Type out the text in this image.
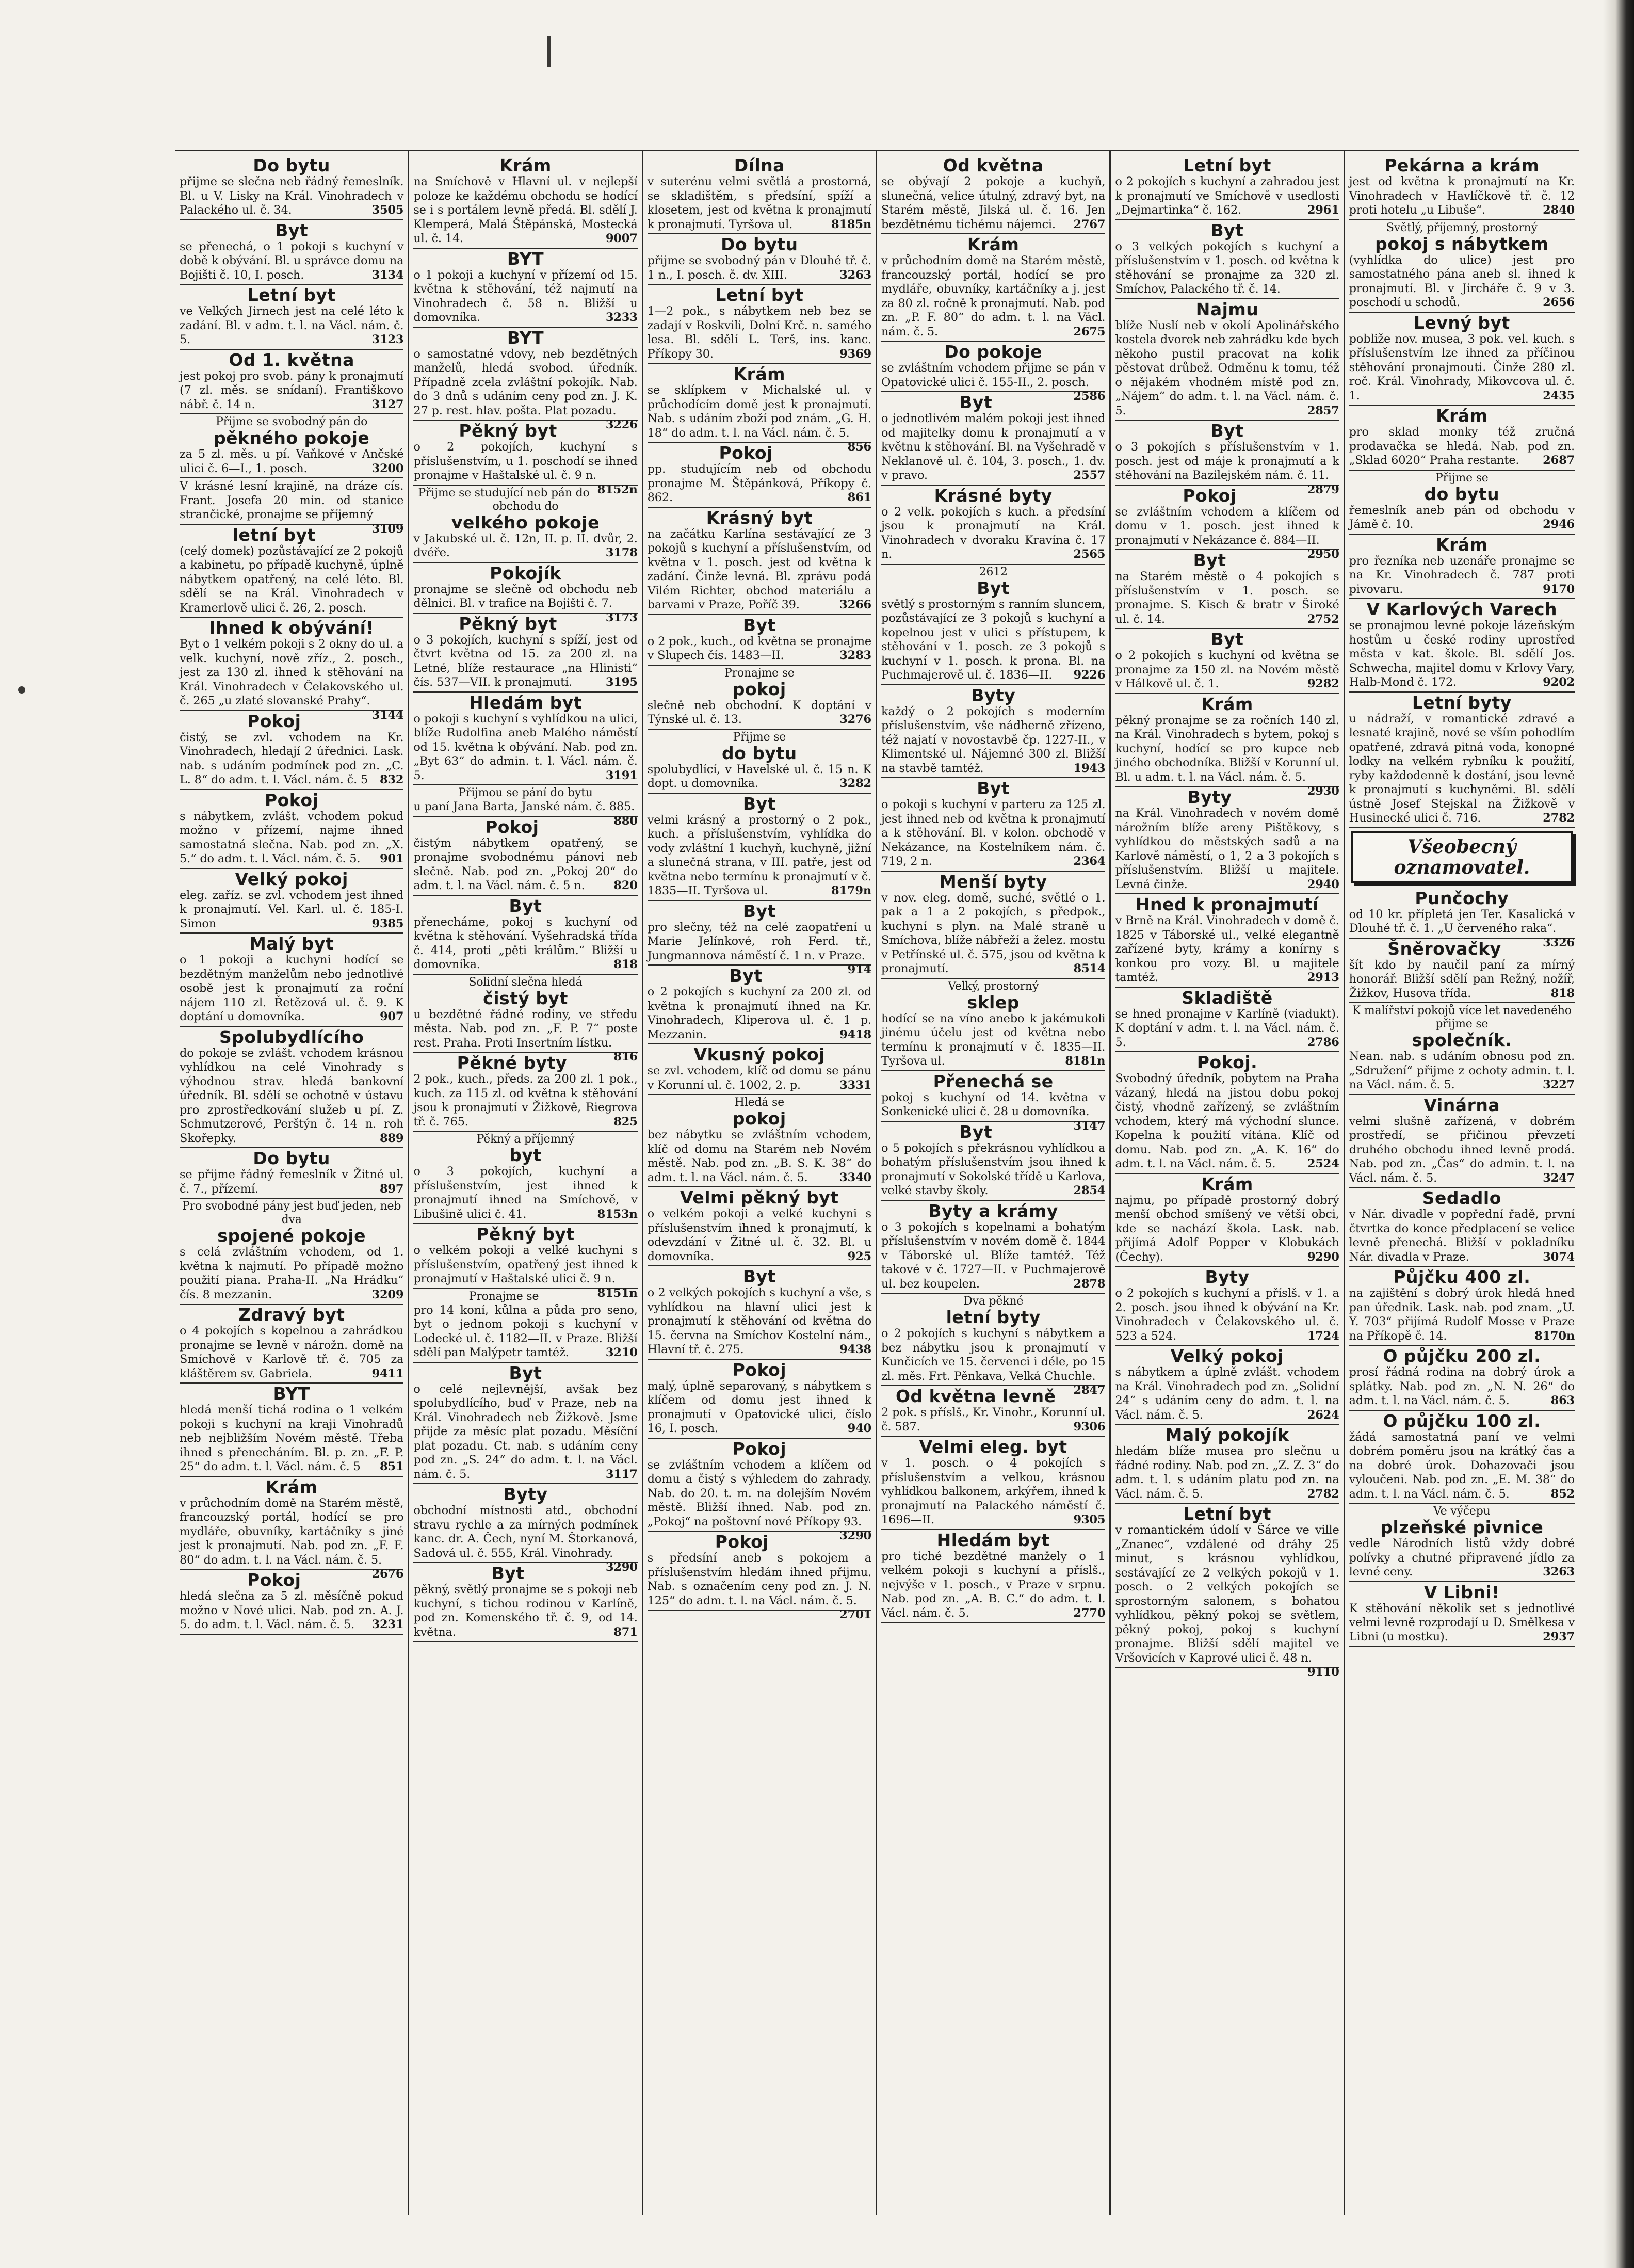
Do bytu

přijme se slečna neb řádný řemeslník. Bl. u V. Lisky na Král. Vinohradech v Palackého ul. č. 34.	3505

Byt

se přenechá, o 1 pokoji s kuchyní v době k obývání. Bl. u správce domu na Bojišti č. 10, I. posch.	3134

Letní byt

ve Velkých Jirnech jest na celé léto k zadání. Bl. v adm. t. l. na Václ. nám. č. 5.	3123

Od 1. května

jest pokoj pro svob. pány k pronajmutí (7 zl. měs. se snídaní). Františkovo nábř. č. 14 n.	3127

Přijme se svobodný pán do
pěkného pokoje

za 5 zl. měs. u pí. Vaňkové v Ančské ulici č. 6—I., 1. posch.	3200

V krásné lesní krajině, na dráze cís. Frant. Josefa 20 min. od stanice strančické, pronajme se příjemný
3109

letní byt

(celý domek) pozůstávající ze 2 pokojů a kabinetu, po případě kuchyně, úplně nábytkem opatřený, na celé léto. Bl. sdělí se na Král. Vinohradech v Kramerlově ulici č. 26, 2. posch.

Ihned k obývání!

Byt o 1 velkém pokoji s 2 okny do ul. a velk. kuchyní, nově zříz., 2. posch., jest za 130 zl. ihned k stěhování na Král. Vinohradech v Čelakovského ul. č. 265 „u zlaté slovanské Prahy“.
3144

Pokoj

čistý, se zvl. vchodem na Kr. Vinohradech, hledají 2 úřednici. Lask. nab. s udáním podmínek pod zn. „C. L. 8“ do adm. t. l. Václ. nám. č. 5 832

Pokoj

s nábytkem, zvlášt. vchodem pokud možno v přízemí, najme ihned samostatná slečna. Nab. pod zn. „X. 5.“ do adm. t. l. Václ. nám. č. 5. 901

Velký pokoj

eleg. zaříz. se zvl. vchodem jest ihned k pronajmutí. Vel. Karl. ul. č. 185-I. Simon	9385

Malý byt

o 1 pokoji a kuchyni hodící se bezdětným manželům nebo jednotlivé osobě jest k pronajmutí za roční nájem 110 zl. Řetězová ul. č. 9. K doptání u domovníka.	907

Spolubydlícího

do pokoje se zvlášt. vchodem krásnou vyhlídkou na celé Vinohrady s výhodnou strav. hledá bankovní úředník. Bl. sdělí se ochotně v ústavu pro zprostředkování služeb u pí. Z. Schmutzerové, Perštýn č. 14 n. roh Skořepky.	889

Do bytu

se přijme řádný řemeslník v Žitné ul. č. 7., přízemí.	897

Pro svobodné pány jest buď jeden, neb dva
spojené pokoje

s celá zvláštním vchodem, od 1. května k najmutí. Po případě možno použití piana. Praha-II. „Na Hrádku“ čís. 8 mezzanin.	3209

Zdravý byt

o 4 pokojích s kopelnou a zahrádkou pronajme se levně v nárožn. domě na Smíchově v Karlově tř. č. 705 za kláštěrem sv. Gabriela.	9411

BYT

hledá menší tichá rodina o 1 velkém pokoji s kuchyní na kraji Vinohradů neb nejbližším Novém městě. Třeba ihned s přenecháním. Bl. p. zn. „F. P. 25“ do adm. t. l. Václ. nám. č. 5 851

Krám

v průchodním domě na Starém městě, francouzský portál, hodící se pro mydláře, obuvníky, kartáčníky s jiné jest k pronajmutí. Nab. pod zn. „F. F. 80“ do adm. t. l. na Václ. nám. č. 5.
2676

Pokoj

hledá slečna za 5 zl. měsíčně pokud možno v Nové ulici. Nab. pod zn. A. J. 5. do adm. t. l. Václ. nám. č. 5. 3231

Krám

na Smíchově v Hlavní ul. v nejlepší poloze ke každému obchodu se hodící se i s portálem levně předá. Bl. sdělí J. Klemperá, Malá Štěpánská, Mostecká ul. č. 14.	9007

BYT

o 1 pokoji a kuchyní v přízemí od 15. května k stěhování, též najmutí na Vinohradech č. 58 n. Bližší u domovníka.	3233

BYT

o samostatné vdovy, neb bezdětných manželů, hledá svobod. úředník. Případně zcela zvláštní pokojík. Nab. do 3 dnů s udáním ceny pod zn. J. K. 27 p. rest. hlav. pošta. Plat pozadu.
3226

Pěkný byt

o 2 pokojích, kuchyní s příslušenstvím, u 1. poschodí se ihned pronajme v Haštalské ul. č. 9 n.
8152n

Přijme se studující neb pán do obchodu do
velkého pokoje

v Jakubské ul. č. 12n, II. p. II. dvůr, 2. dvéře.	3178

Pokojík

pronajme se slečně od obchodu neb dělnici. Bl. v trafice na Bojišti č. 7.
3173

Pěkný byt

o 3 pokojích, kuchyní s spíží, jest od čtvrt května od 15. za 200 zl. na Letné, blíže restaurace „na Hlinisti“ čís. 537—VII. k pronajmutí.	3195

Hledám byt

o pokoji s kuchyní s vyhlídkou na ulici, blíže Rudolfina aneb Malého náměstí od 15. května k obývání. Nab. pod zn. „Byt 63“ do admin. t. l. Václ. nám. č. 5.	3191

Přijmou se pání do bytu

u paní Jana Barta, Janské nám. č. 885.
880

Pokoj

čistým nábytkem opatřený, se pronajme svobodnému pánovi neb slečně. Nab. pod zn. „Pokoj 20“ do adm. t. l. na Václ. nám. č. 5 n. 820

Byt

přenecháme, pokoj s kuchyní od května k stěhování. Vyšehradská třída č. 414, proti „pěti králům.“ Bližší u domovníka.	818

Solidní slečna hledá
čistý byt

u bezdětné řádné rodiny, ve středu města. Nab. pod zn. „F. P. 7“ poste rest. Praha. Proti Insertním lístku.
816

Pěkné byty

2 pok., kuch., předs. za 200 zl. 1 pok., kuch. za 115 zl. od května k stěhování jsou k pronajmutí v Žižkově, Riegrova tř. č. 765.	825

Pěkný a příjemný
byt

o 3 pokojích, kuchyní a příslušenstvím, jest ihned k pronajmutí ihned na Smíchově, v Libušině ulici č. 41.	8153n

Pěkný byt

o velkém pokoji a velké kuchyni s příslušenstvím, opatřený jest ihned k pronajmutí v Haštalské ulici č. 9 n.
8151n

Pronajme se

pro 14 koní, kůlna a půda pro seno, byt o jednom pokoji s kuchyní v Lodecké ul. č. 1182—II. v Praze. Bližší sdělí pan Malýpetr tamtéž.	3210

Byt

o celé nejlevnější, avšak bez spolubydlícího, buď v Praze, neb na Král. Vinohradech neb Žižkově. Jsme přijde za měsíc plat pozadu. Měsíční plat pozadu. Ct. nab. s udáním ceny pod zn. „S. 24“ do adm. t. l. na Václ. nám. č. 5.	3117

Byty

obchodní místnosti atd., obchodní stravu rychle a za mírných podmínek kanc. dr. A. Čech, nyní M. Štorkanová, Sadová ul. č. 555, Král. Vinohrady.
3290

Byt

pěkný, světlý pronajme se s pokoji neb kuchyní, s tichou rodinou v Karlíně, pod zn. Komenského tř. č. 9, od 14. května.	871

Dílna

v suterénu velmi světlá a prostorná, se skladištěm, s předsíní, spíží a klosetem, jest od května k pronajmutí k pronajmutí. Tyršova ul.	8185n

Do bytu

přijme se svobodný pán v Dlouhé tř. č. 1 n., I. posch. č. dv. XIII.	3263

Letní byt

1—2 pok., s nábytkem neb bez se zadají v Roskvili, Dolní Krč. n. samého lesa. Bl. sdělí L. Terš, ins. kanc. Příkopy 30.	9369

Krám

se sklípkem v Michalské ul. v průchodícím domě jest k pronajmutí. Nab. s udáním zboží pod znám. „G. H. 18“ do adm. t. l. na Václ. nám. č. 5.
856

Pokoj

pp. studujícím neb od obchodu pronajme M. Štěpánková, Příkopy č. 862.	861

Krásný byt

na začátku Karlína sestávající ze 3 pokojů s kuchyní a příslušenstvím, od května v 1. posch. jest od května k zadání. Činže levná. Bl. zprávu podá Vilém Richter, obchod materiálu a barvami v Praze, Poříč 39.	3266

Byt

o 2 pok., kuch., od května se pronajme v Slupech čís. 1483—II.	3283

Pronajme se
pokoj

slečně neb obchodní. K doptání v Týnské ul. č. 13.	3276

Přijme se
do bytu

spolubydlící, v Havelské ul. č. 15 n. K dopt. u domovníka.	3282

Byt

velmi krásný a prostorný o 2 pok., kuch. a příslušenstvím, vyhlídka do vody zvláštní 1 kuchyň, kuchyně, jižní a slunečná strana, v III. patře, jest od května nebo termínu k pronajmutí v č. 1835—II. Tyršova ul.	8179n

Byt

pro slečny, též na celé zaopatření u Marie Jelínkové, roh Ferd. tř., Jungmannova náměstí č. 1 n. v Praze.
914

Byt

o 2 pokojích s kuchyní za 200 zl. od května k pronajmutí ihned na Kr. Vinohradech, Kliperova ul. č. 1 p. Mezzanin.	9418

Vkusný pokoj

se zvl. vchodem, klíč od domu se pánu v Korunní ul. č. 1002, 2. p.	3331

Hledá se
pokoj

bez nábytku se zvláštním vchodem, klíč od domu na Starém neb Novém městě. Nab. pod zn. „B. S. K. 38“ do adm. t. l. na Václ. nám. č. 5.	3340

Velmi pěkný byt

o velkém pokoji a velké kuchyni s příslušenstvím ihned k pronajmutí, k odevzdání v Žitné ul. č. 32. Bl. u domovníka.	925

Byt

o 2 velkých pokojích s kuchyní a vše, s vyhlídkou na hlavní ulici jest k pronajmutí k stěhování od května do 15. června na Smíchov Kostelní nám., Hlavní tř. č. 275.	9438

Pokoj

malý, úplně separovaný, s nábytkem s klíčem od domu jest ihned k pronajmutí v Opatovické ulici, číslo 16, I. posch.	940

Pokoj

se zvláštním vchodem a klíčem od domu a čistý s výhledem do zahrady. Nab. do 20. t. m. na dolejším Novém městě. Bližší ihned. Nab. pod zn. „Pokoj“ na poštovní nové Příkopy 93.
3290

Pokoj

s předsíní aneb s pokojem a příslušenstvím hledám ihned přijmu. Nab. s označením ceny pod zn. J. N. 125“ do adm. t. l. na Václ. nám. č. 5.
2701

Od května

se obývají 2 pokoje a kuchyň, slunečná, velice útulný, zdravý byt, na Starém městě, Jilská ul. č. 16. Jen bezdětnému tichému nájemci. 2767

Krám

v průchodním domě na Starém městě, francouzský portál, hodící se pro mydláře, obuvníky, kartáčníky a j. jest za 80 zl. ročně k pronajmutí. Nab. pod zn. „P. F. 80“ do adm. t. l. na Václ. nám. č. 5.	2675

Do pokoje

se zvláštním vchodem přijme se pán v Opatovické ulici č. 155-II., 2. posch.
2586

Byt

o jednotlivém malém pokoji jest ihned od majitelky domu k pronajmutí a v květnu k stěhování. Bl. na Vyšehradě v Neklanově ul. č. 104, 3. posch., 1. dv. v pravo.	2557

Krásné byty

o 2 velk. pokojích s kuch. a předsíní jsou k pronajmutí na Král. Vinohradech v dvoraku Kravína č. 17 n.	2565

2612
Byt

světlý s prostorným s ranním sluncem, pozůstávající ze 3 pokojů s kuchyní a kopelnou jest v ulici s přístupem, k stěhování v 1. posch. ze 3 pokojů s kuchyní v 1. posch. k prona. Bl. na Puchmajerově ul. č. 1836—II. 9226

Byty

každý o 2 pokojích s moderním příslušenstvím, vše nádherně zřízeno, též najatí v novostavbě čp. 1227-II., v Klimentské ul. Nájemné 300 zl. Bližší na stavbě tamtéž.	1943

Byt

o pokoji s kuchyní v parteru za 125 zl. jest ihned neb od května k pronajmutí a k stěhování. Bl. v kolon. obchodě v Nekázance, na Kostelníkem nám. č. 719, 2 n.	2364

Menší byty

v nov. eleg. domě, suché, světlé o 1. pak a 1 a 2 pokojích, s předpok., kuchyní s plyn. na Malé straně u Smíchova, blíže nábřeží a želez. mostu v Petřínské ul. č. 575, jsou od května k pronajmutí.	8514

Velký, prostorný
sklep

hodící se na víno anebo k jakémukoli jinému účelu jest od května nebo termínu k pronajmutí v č. 1835—II. Tyršova ul.	8181n

Přenechá se

pokoj s kuchyní od 14. května v Sonkenické ulici č. 28 u domovníka.
3147

Byt

o 5 pokojích s překrásnou vyhlídkou a bohatým příslušenstvím jsou ihned k pronajmutí v Sokolské třídě u Karlova, velké stavby školy.	2854

Byty a krámy

o 3 pokojích s kopelnami a bohatým příslušenstvím v novém domě č. 1844 v Táborské ul. Blíže tamtéž. Též takové v č. 1727—II. v Puchmajerově ul. bez koupelen.	2878

Dva pěkné
letní byty

o 2 pokojích s kuchyní s nábytkem a bez nábytku jsou k pronajmutí v Kunčicích ve 15. červenci i déle, po 15 zl. měs. Frt. Pěnkava, Velká Chuchle.
2847

Od května levně

2 pok. s příslš., Kr. Vinohr., Korunní ul. č. 587.	9306

Velmi eleg. byt

v 1. posch. o 4 pokojích s příslušenstvím a velkou, krásnou vyhlídkou balkonem, arkýřem, ihned k pronajmutí na Palackého náměstí č. 1696—II.	9305

Hledám byt

pro tiché bezdětné manžely o 1 velkém pokoji s kuchyní a příslš., nejvýše v 1. posch., v Praze v srpnu. Nab. pod zn. „A. B. C.“ do adm. t. l. Václ. nám. č. 5.	2770

Letní byt

o 2 pokojích s kuchyní a zahradou jest k pronajmutí ve Smíchově v usedlosti „Dejmartinka“ č. 162.	2961

Byt

o 3 velkých pokojích s kuchyní a příslušenstvím v 1. posch. od května k stěhování se pronajme za 320 zl. Smíchov, Palackého tř. č. 14.

Najmu

blíže Nuslí neb v okolí Apolinářského kostela dvorek neb zahrádku kde bych někoho pustil pracovat na kolik pěstovat drůbež. Odměnu k tomu, též o nějakém vhodném místě pod zn. „Nájem“ do adm. t. l. na Václ. nám. č. 5.	2857

Byt

o 3 pokojích s příslušenstvím v 1. posch. jest od máje k pronajmutí a k stěhování na Bazilejském nám. č. 11.
2879

Pokoj

se zvláštním vchodem a klíčem od domu v 1. posch. jest ihned k pronajmutí v Nekázance č. 884—II.
2950

Byt

na Starém městě o 4 pokojích s příslušenstvím v 1. posch. se pronajme. S. Kisch & bratr v Široké ul. č. 14.	2752

Byt

o 2 pokojích s kuchyní od května se pronajme za 150 zl. na Novém městě v Hálkově ul. č. 1.	9282

Krám

pěkný pronajme se za ročních 140 zl. na Král. Vinohradech s bytem, pokoj s kuchyní, hodící se pro kupce neb jiného obchodníka. Bližší v Korunní ul. Bl. u adm. t. l. na Václ. nám. č. 5.
2930

Byty

na Král. Vinohradech v novém domě nárožním blíže areny Pištěkovy, s vyhlídkou do městských sadů a na Karlově náměstí, o 1, 2 a 3 pokojích s příslušenstvím. Bližší u majitele. Levná činže.	2940

Hned k pronajmutí

v Brně na Král. Vinohradech v domě č. 1825 v Táborské ul., velké elegantně zařízené byty, krámy a konírny s konkou pro vozy. Bl. u majitele tamtéž.	2913

Skladiště

se hned pronajme v Karlíně (viadukt). K doptání v adm. t. l. na Václ. nám. č. 5.	2786

Pokoj.

Svobodný úředník, pobytem na Praha vázaný, hledá na jistou dobu pokoj čistý, vhodně zařízený, se zvláštním vchodem, který má východní slunce. Kopelna k použití vítána. Klíč od domu. Nab. pod zn. „A. K. 16“ do adm. t. l. na Václ. nám. č. 5.	2524

Krám

najmu, po případě prostorný dobrý menší obchod smíšený ve větší obci, kde se nachází škola. Lask. nab. přijímá Adolf Popper v Klobukách (Čechy).	9290

Byty

o 2 pokojích s kuchyní a příslš. v 1. a 2. posch. jsou ihned k obývání na Kr. Vinohradech v Čelakovského ul. č. 523 a 524.	1724

Velký pokoj

s nábytkem a úplně zvlášt. vchodem na Král. Vinohradech pod zn. „Solidní 24“ s udáním ceny do adm. t. l. na Václ. nám. č. 5.	2624

Malý pokojík

hledám blíže musea pro slečnu u řádné rodiny. Nab. pod zn. „Z. Z. 3“ do adm. t. l. s udáním platu pod zn. na Václ. nám. č. 5.	2782

Letní byt

v romantickém údolí v Šárce ve ville „Znanec“, vzdálené od dráhy 25 minut, s krásnou vyhlídkou, sestávající ze 2 velkých pokojů v 1. posch. o 2 velkých pokojích se sprostorným salonem, s bohatou vyhlídkou, pěkný pokoj se světlem, pěkný pokoj, pokoj s kuchyní pronajme. Bližší sdělí majitel ve Vršovicích v Kaprové ulici č. 48 n.
9110

Pekárna a krám

jest od května k pronajmutí na Kr. Vinohradech v Havlíčkově tř. č. 12 proti hotelu „u Libuše“.	2840

Světlý, příjemný, prostorný
pokoj s nábytkem

(vyhlídka do ulice) jest pro samostatného pána aneb sl. ihned k pronajmutí. Bl. v Jircháře č. 9 v 3. poschodí u schodů.	2656

Levný byt

pobliže nov. musea, 3 pok. vel. kuch. s příslušenstvím lze ihned za příčinou stěhování pronajmouti. Činže 280 zl. roč. Král. Vinohrady, Mikovcova ul. č. 1.	2435

Krám

pro sklad monky též zručná prodavačka se hledá. Nab. pod zn. „Sklad 6020“ Praha restante. 2687

Přijme se
do bytu

řemeslník aneb pán od obchodu v Jámě č. 10.	2946

Krám

pro řezníka neb uzenáře pronajme se na Kr. Vinohradech č. 787 proti pivovaru.	9170

V Karlových Varech

se pronajmou levné pokoje lázeňským hostům u české rodiny uprostřed města v kat. škole. Bl. sdělí Jos. Schwecha, majitel domu v Krlovy Vary, Halb-Mond č. 172.	9202

Letní byty

u nádraží, v romantické zdravé a lesnaté krajině, nové se vším pohodlím opatřené, zdravá pitná voda, konopné lodky na velkém rybníku k použití, ryby každodenně k dostání, jsou levně k pronajmutí s kuchyněmi. Bl. sdělí ústně Josef Stejskal na Žižkově v Husinecké ulici č. 716.	2782

Všeobecný oznamovatel.
Punčochy

od 10 kr. přípletá jen Ter. Kasalická v Dlouhé tř. č. 1. „U červeného raka“.
3326

Šněrovačky

šít kdo by naučil paní za mírný honorář. Bližší sdělí pan Režný, nožíř, Žižkov, Husova třída.	818

K malířství pokojů více let navedeného přijme se
společník.

Nean. nab. s udáním obnosu pod zn. „Sdružení“ přijme z ochoty admin. t. l. na Václ. nám. č. 5.	3227

Vinárna

velmi slušně zařízená, v dobrém prostředí, se přičinou převzetí druhého obchodu ihned levně prodá. Nab. pod zn. „Čas“ do admin. t. l. na Václ. nám. č. 5.	3247

Sedadlo

v Nár. divadle v popřední řadě, první čtvrtka do konce předplacení se velice levně přenechá. Bližší v pokladníku Nár. divadla v Praze.	3074

Půjčku 400 zl.

na zajištění s dobrý úrok hledá hned pan úřednik. Lask. nab. pod znam. „U. Y. 703“ přijímá Rudolf Mosse v Praze na Příkopě č. 14.	8170n

O půjčku 200 zl.

prosí řádná rodina na dobrý úrok a splátky. Nab. pod zn. „N. N. 26“ do adm. t. l. na Václ. nám. č. 5.	863

O půjčku 100 zl.

žádá samostatná paní ve velmi dobrém poměru jsou na krátký čas a na dobré úrok. Dohazovači jsou vyloučeni. Nab. pod zn. „E. M. 38“ do adm. t. l. na Václ. nám. č. 5.	852

Ve výčepu
plzeňské pivnice

vedle Národních listů vždy dobré polívky a chutné připravené jídlo za levné ceny.	3263

V Libni!

K stěhování několik set s jednotlivé velmi levně rozprodají u D. Smělkesa v Libni (u mostku).	2937
